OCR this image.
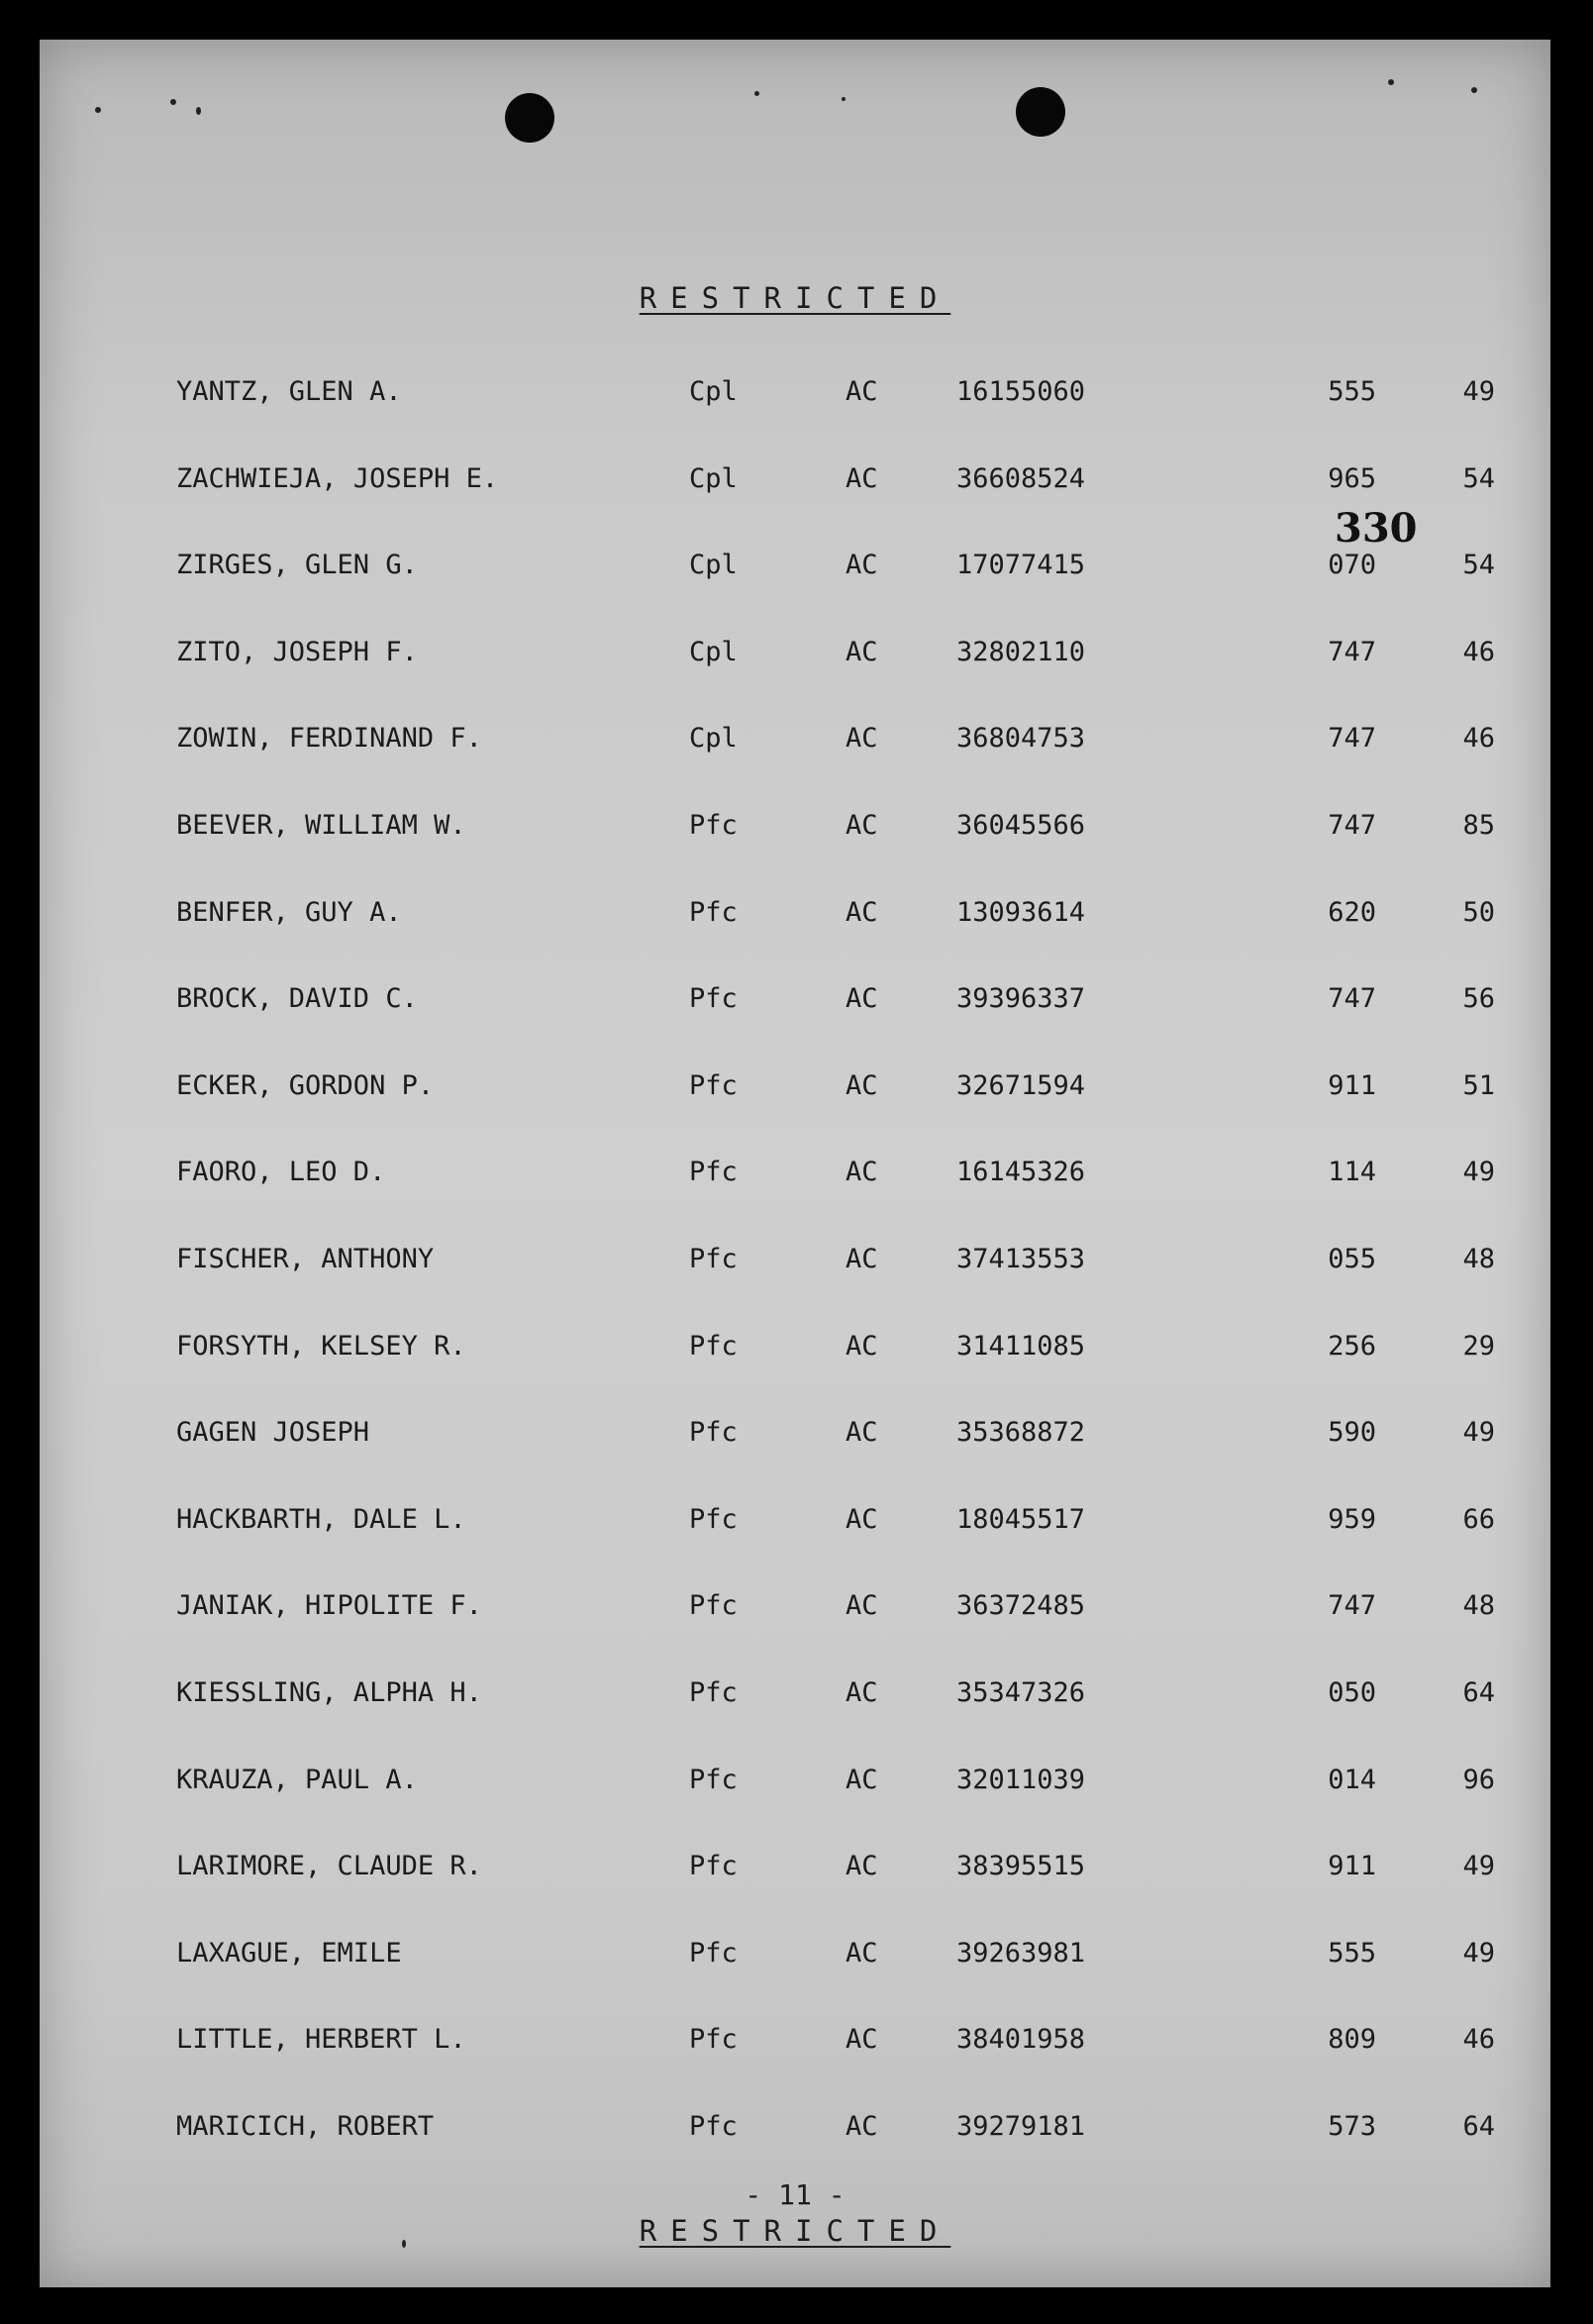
RESTRICTED
330
YANTZ, GLEN A.	Cpl	AC	16155060	555	49
ZACHWIEJA, JOSEPH E.	Cpl	AC	36608524	965	54
ZIRGES, GLEN G.	Cpl	AC	17077415	070	54
ZITO, JOSEPH F.	Cpl	AC	32802110	747	46
ZOWIN, FERDINAND F.	Cpl	AC	36804753	747	46
BEEVER, WILLIAM W.	Pfc	AC	36045566	747	85
BENFER, GUY A.	Pfc	AC	13093614	620	50
BROCK, DAVID C.	Pfc	AC	39396337	747	56
ECKER, GORDON P.	Pfc	AC	32671594	911	51
FAORO, LEO D.	Pfc	AC	16145326	114	49
FISCHER, ANTHONY	Pfc	AC	37413553	055	48
FORSYTH, KELSEY R.	Pfc	AC	31411085	256	29
GAGEN JOSEPH	Pfc	AC	35368872	590	49
HACKBARTH, DALE L.	Pfc	AC	18045517	959	66
JANIAK, HIPOLITE F.	Pfc	AC	36372485	747	48
KIESSLING, ALPHA H.	Pfc	AC	35347326	050	64
KRAUZA, PAUL A.	Pfc	AC	32011039	014	96
LARIMORE, CLAUDE R.	Pfc	AC	38395515	911	49
LAXAGUE, EMILE	Pfc	AC	39263981	555	49
LITTLE, HERBERT L.	Pfc	AC	38401958	809	46
MARICICH, ROBERT	Pfc	AC	39279181	573	64
- 11 -
RESTRICTED
